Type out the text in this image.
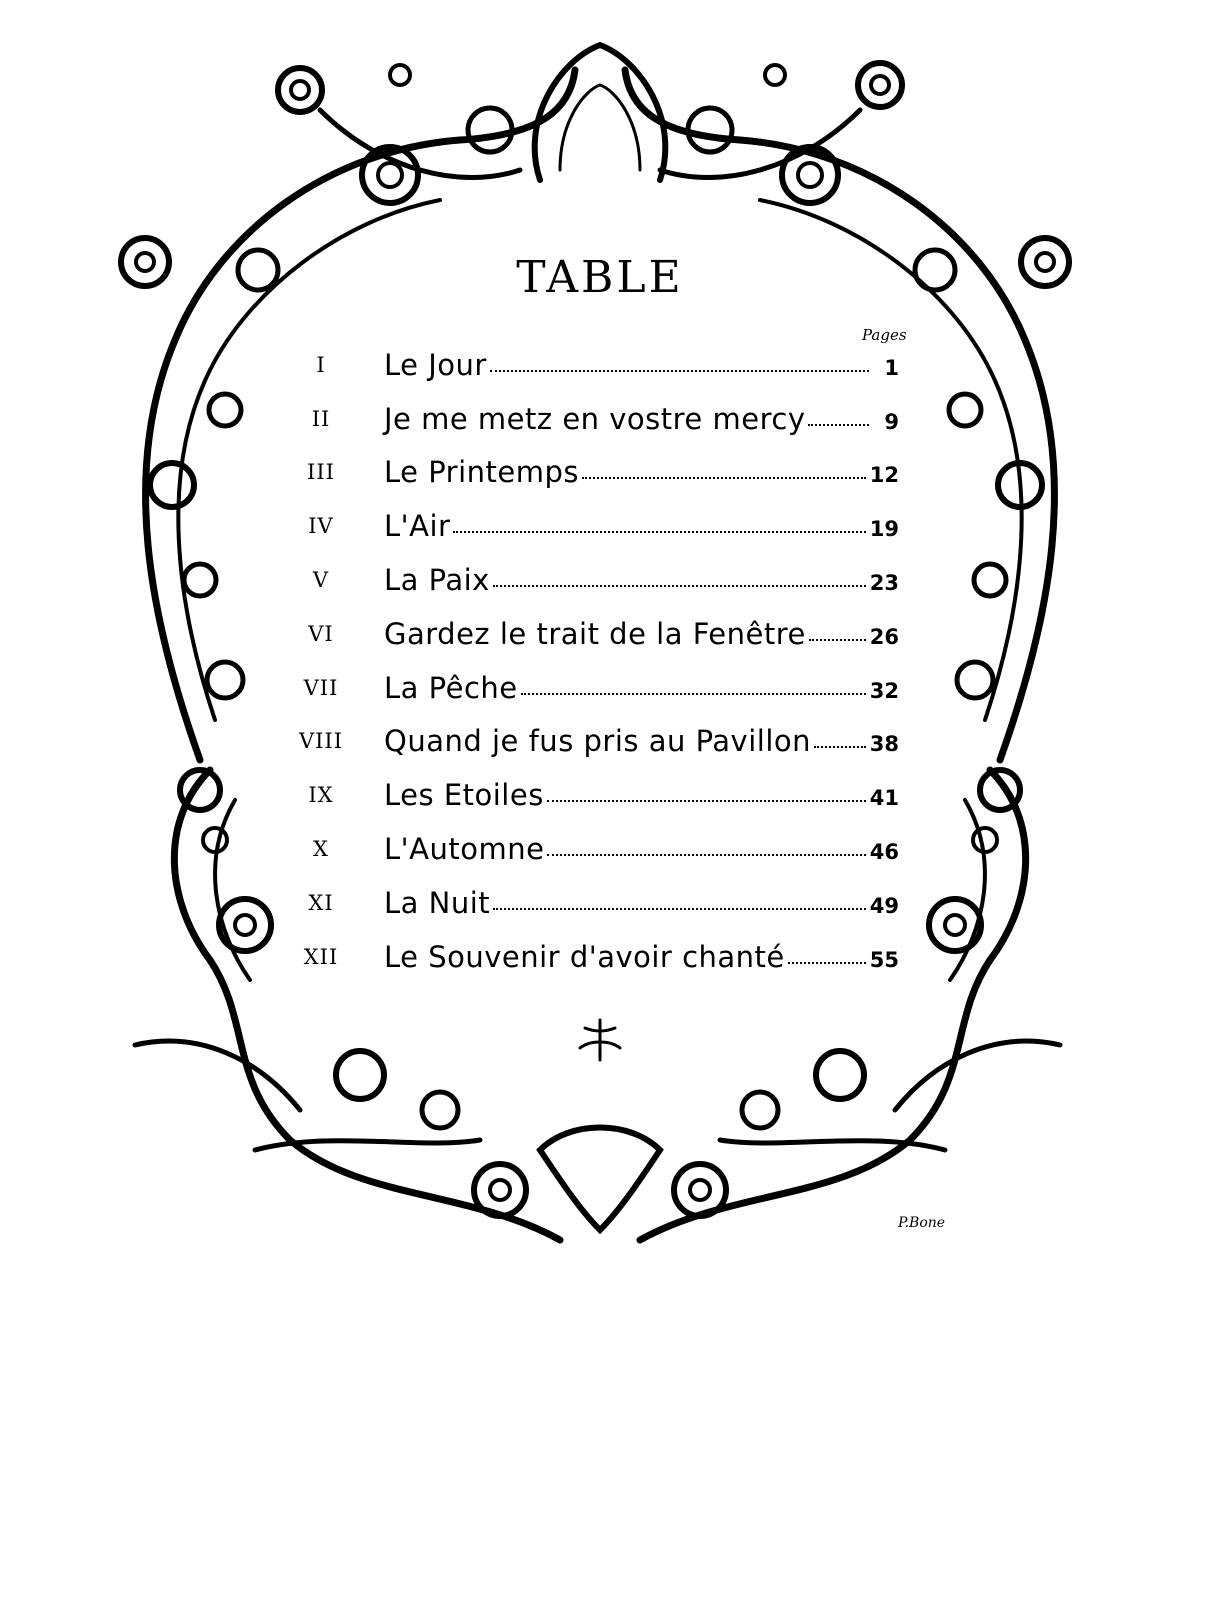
TABLE
Pages
I	Le Jour	1
II	Je me metz en vostre mercy	9
III	Le Printemps	12
IV	L'Air	19
V	La Paix	23
VI	Gardez le trait de la Fenêtre	26
VII	La Pêche	32
VIII	Quand je fus pris au Pavillon	38
IX	Les Etoiles	41
X	L'Automne	46
XI	La Nuit	49
XII	Le Souvenir d'avoir chanté	55
P.Bone
